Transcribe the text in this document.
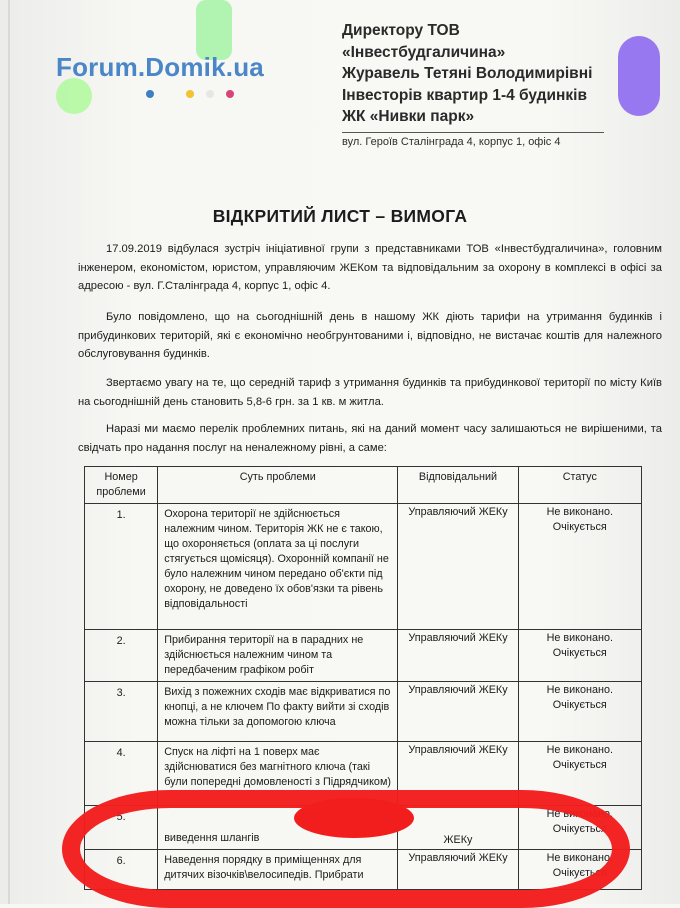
Forum.Domik.ua
Директору ТОВ
«Інвестбудгаличина»
Журавель Тетяні Володимирівні
Інвесторів квартир 1-4 будинків
ЖК «Нивки парк»
вул. Героїв Сталінграда 4, корпус 1, офіс 4
ВІДКРИТИЙ ЛИСТ – ВИМОГА
17.09.2019 відбулася зустріч ініціативної групи з представниками ТОВ «Інвестбудгаличина», головним інженером, економістом, юристом, управляючим ЖЕКом та відповідальним за охорону в комплексі в офісі за адресою - вул. Г.Сталінграда 4, корпус 1, офіс 4.
Було повідомлено, що на сьогоднішній день в нашому ЖК діють тарифи на утримання будинків і прибудинкових територій, які є економічно необгрунтованими і, відповідно, не вистачає коштів для належного обслуговування будинків.
Звертаємо увагу на те, що середній тариф з утримання будинків та прибудинкової території по місту Київ на сьогоднішній день становить 5,8-6 грн. за 1 кв. м житла.
Наразі ми маємо перелік проблемних питань, які на даний момент часу залишаються не вирішеними, та свідчать про надання послуг на неналежному рівні, а саме:
Номер проблеми	Суть проблеми	Відповідальний	Статус
1.	Охорона території не здійснюється належним чином. Територія ЖК не є такою, що охороняється (оплата за ці послуги стягується щомісяця). Охоронній компанії не було належним чином передано об'єкти під охорону, не доведено їх обов'язки та рівень відповідальності	Управляючий ЖЕКу	Не виконано. Очікується
2.	Прибирання території на в парадних не здійснюється належним чином та передбаченим графіком робіт	Управляючий ЖЕКу	Не виконано. Очікується
3.	Вихід з пожежних сходів має відкриватися по кнопці, а не ключем По факту вийти зі сходів можна тільки за допомогою ключа	Управляючий ЖЕКу	Не виконано. Очікується
4.	Спуск на ліфті на 1 поверх має здійснюватися без магнітного ключа (такі були попередні домовленості з Підрядчиком)	Управляючий ЖЕКу	Не виконано. Очікується
5.	виведення шлангів	ЖЕКу	Не виконано. Очікується
6.	Наведення порядку в приміщеннях для дитячих візочків\велосипедів. Прибрати	Управляючий ЖЕКу	Не виконано. Очікується
